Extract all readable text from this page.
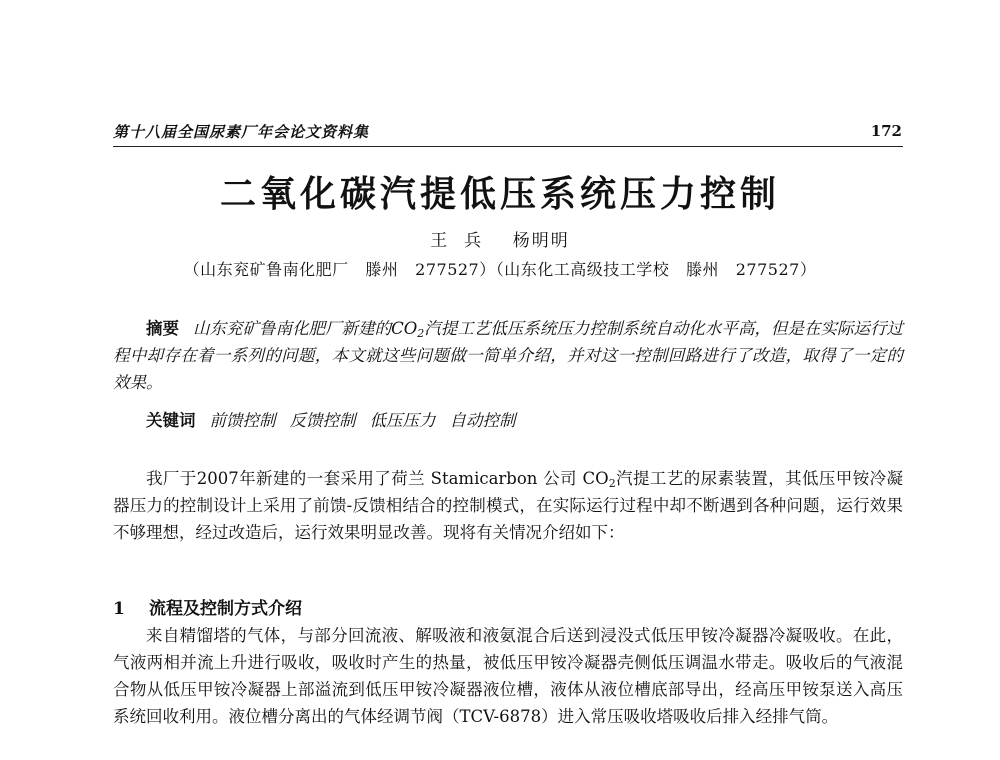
第十八届全国尿素厂年会论文资料集	172
二氧化碳汽提低压系统压力控制
王  兵    杨明明
（山东兖矿鲁南化肥厂   滕州   277527）（山东化工高级技工学校   滕州   277527）

摘要 山东兖矿鲁南化肥厂新建的$CO_2$汽提工艺低压系统压力控制系统自动化水平高，但是在实际运行过程中却存在着一系列的问题，本文就这些问题做一简单介绍，并对这一控制回路进行了改造，取得了一定的效果。

关键词 前馈控制 反馈控制 低压压力 自动控制

我厂于2007年新建的一套采用了荷兰 Stamicarbon 公司 $CO_2$汽提工艺的尿素装置，其低压甲铵冷凝器压力的控制设计上采用了前馈-反馈相结合的控制模式，在实际运行过程中却不断遇到各种问题，运行效果不够理想，经过改造后，运行效果明显改善。现将有关情况介绍如下：

1 流程及控制方式介绍

来自精馏塔的气体，与部分回流液、解吸液和液氨混合后送到浸没式低压甲铵冷凝器冷凝吸收。在此，气液两相并流上升进行吸收，吸收时产生的热量，被低压甲铵冷凝器壳侧低压调温水带走。吸收后的气液混合物从低压甲铵冷凝器上部溢流到低压甲铵冷凝器液位槽，液体从液位槽底部导出，经高压甲铵泵送入高压系统回收利用。液位槽分离出的气体经调节阀（TCV-6878）进入常压吸收塔吸收后排入经排气筒。
